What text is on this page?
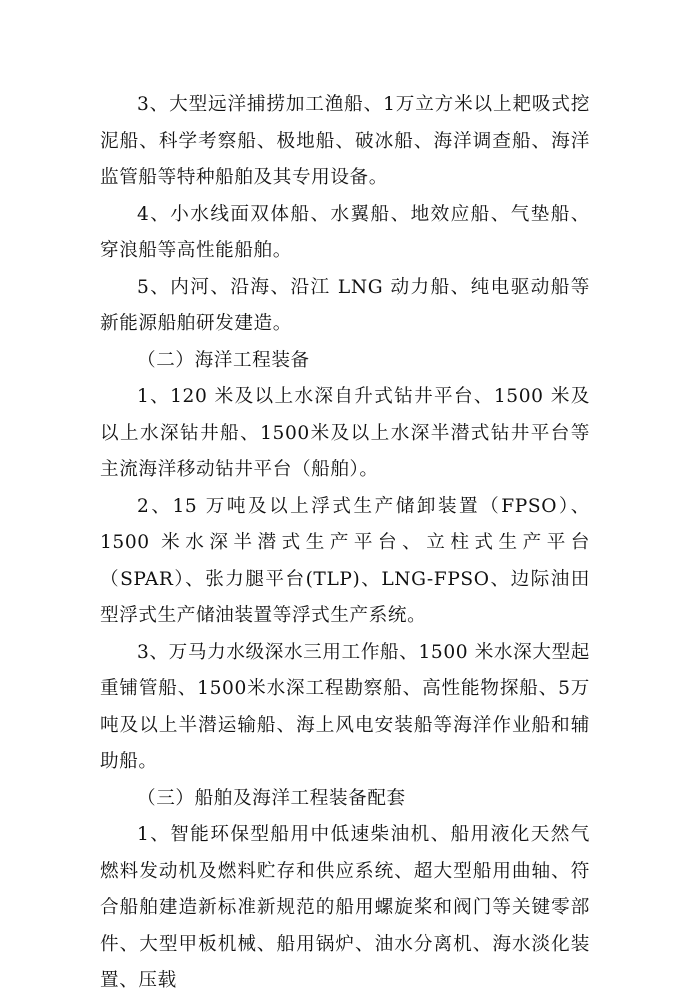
3、大型远洋捕捞加工渔船、1万立方米以上耙吸式挖泥船、科学考察船、极地船、破冰船、海洋调查船、海洋监管船等特种船舶及其专用设备。

4、小水线面双体船、水翼船、地效应船、气垫船、穿浪船等高性能船舶。

5、内河、沿海、沿江 LNG 动力船、纯电驱动船等新能源船舶研发建造。

（二）海洋工程装备

1、120 米及以上水深自升式钻井平台、1500 米及以上水深钻井船、1500米及以上水深半潜式钻井平台等主流海洋移动钻井平台（船舶）。

2、15 万吨及以上浮式生产储卸装置（FPSO）、1500 米水深半潜式生产平台、立柱式生产平台（SPAR）、张力腿平台(TLP)、LNG-FPSO、边际油田型浮式生产储油装置等浮式生产系统。

3、万马力水级深水三用工作船、1500 米水深大型起重铺管船、1500米水深工程勘察船、高性能物探船、5万吨及以上半潜运输船、海上风电安装船等海洋作业船和辅助船。

（三）船舶及海洋工程装备配套

1、智能环保型船用中低速柴油机、船用液化天然气燃料发动机及燃料贮存和供应系统、超大型船用曲轴、符合船舶建造新标准新规范的船用螺旋桨和阀门等关键零部件、大型甲板机械、船用锅炉、油水分离机、海水淡化装置、压载
